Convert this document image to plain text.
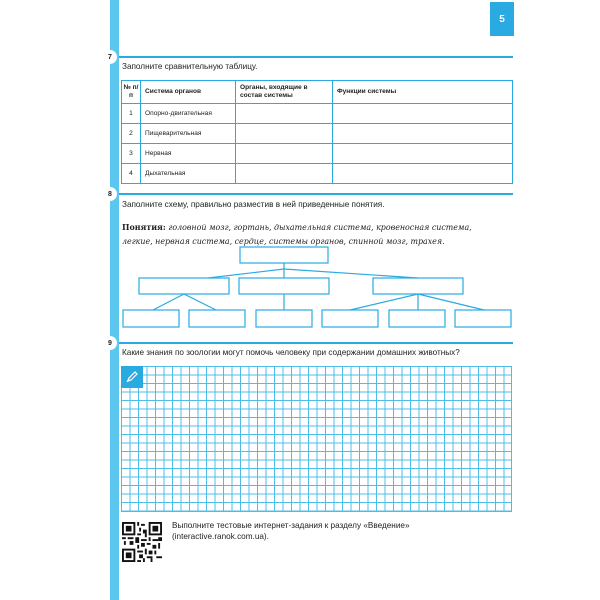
5
7
Заполните сравнительную таблицу.
№ п/п	Система органов	Органы, входящие в состав системы	Функции системы
1	Опорно-двигательная		
2	Пищеварительная		
3	Нервная		
4	Дыхательная		
8
Заполните схему, правильно разместив в ней приведенные понятия.
Понятия: головной мозг, гортань, дыхательная система, кровеносная система,
легкие, нервная система, сердце, системы органов, спинной мозг, трахея.
9
Какие знания по зоологии могут помочь человеку при содержании домашних животных?
Выполните тестовые интернет-задания к разделу «Введение»
(interactive.ranok.com.ua).
